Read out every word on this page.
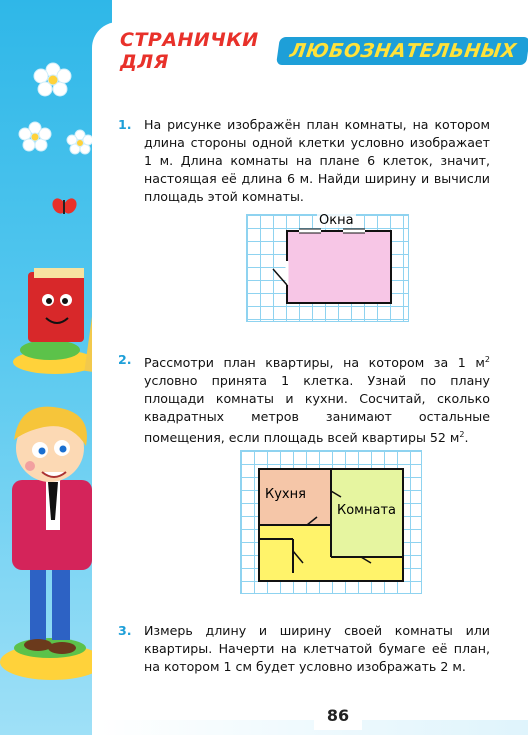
СТРАНИЧКИ ДЛЯ	ЛЮБОЗНАТЕЛЬНЫХ
1. На рисунке изображён план комнаты, на котором длина стороны одной клетки условно изображает 1 м. Длина комнаты на плане 6 клеток, значит, настоящая её длина 6 м. Найди ширину и вычисли площадь этой комнаты.
Окна
2. Рассмотри план квартиры, на котором за 1 $м^2$ условно принята 1 клетка. Узнай по плану площади комнаты и кухни. Сосчитай, сколько квадратных метров занимают остальные помещения, если площадь всей квартиры 52 $м^2$.
Кухня
Комната
3. Измерь длину и ширину своей комнаты или квартиры. Начерти на клетчатой бумаге её план, на котором 1 см будет условно изображать 2 м.
86
